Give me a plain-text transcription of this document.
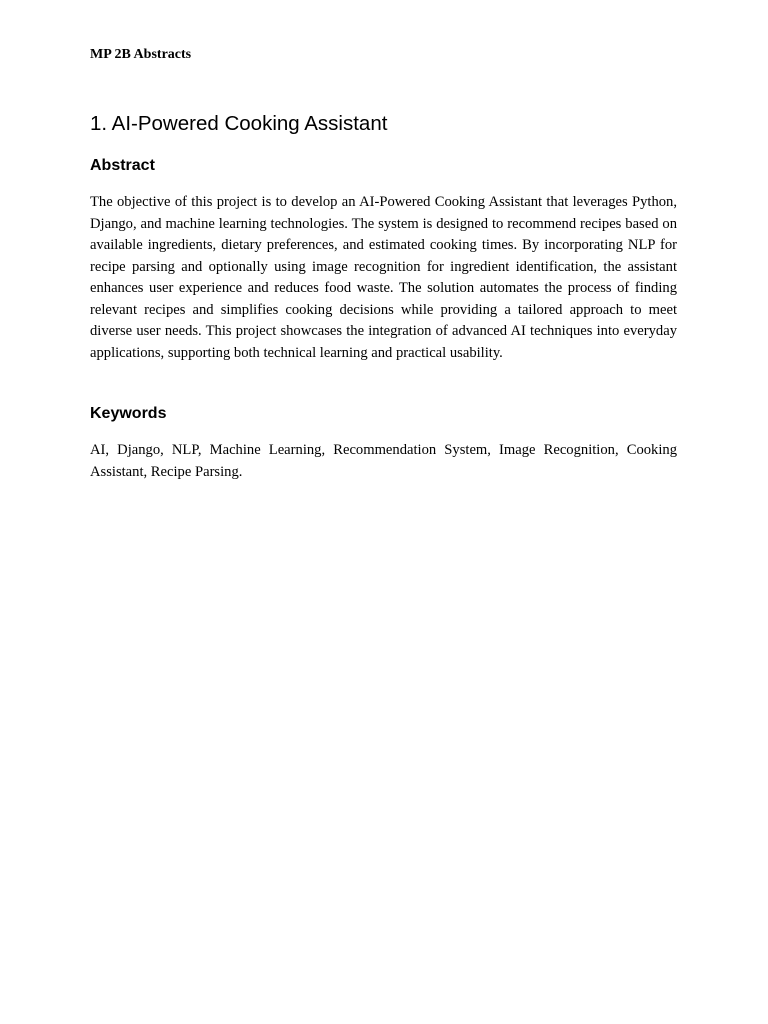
MP 2B Abstracts
1. AI-Powered Cooking Assistant
Abstract

The objective of this project is to develop an AI-Powered Cooking Assistant that leverages Python, Django, and machine learning technologies. The system is designed to recommend recipes based on available ingredients, dietary preferences, and estimated cooking times. By incorporating NLP for recipe parsing and optionally using image recognition for ingredient identification, the assistant enhances user experience and reduces food waste. The solution automates the process of finding relevant recipes and simplifies cooking decisions while providing a tailored approach to meet diverse user needs. This project showcases the integration of advanced AI techniques into everyday applications, supporting both technical learning and practical usability.

Keywords

AI, Django, NLP, Machine Learning, Recommendation System, Image Recognition, Cooking Assistant, Recipe Parsing.
